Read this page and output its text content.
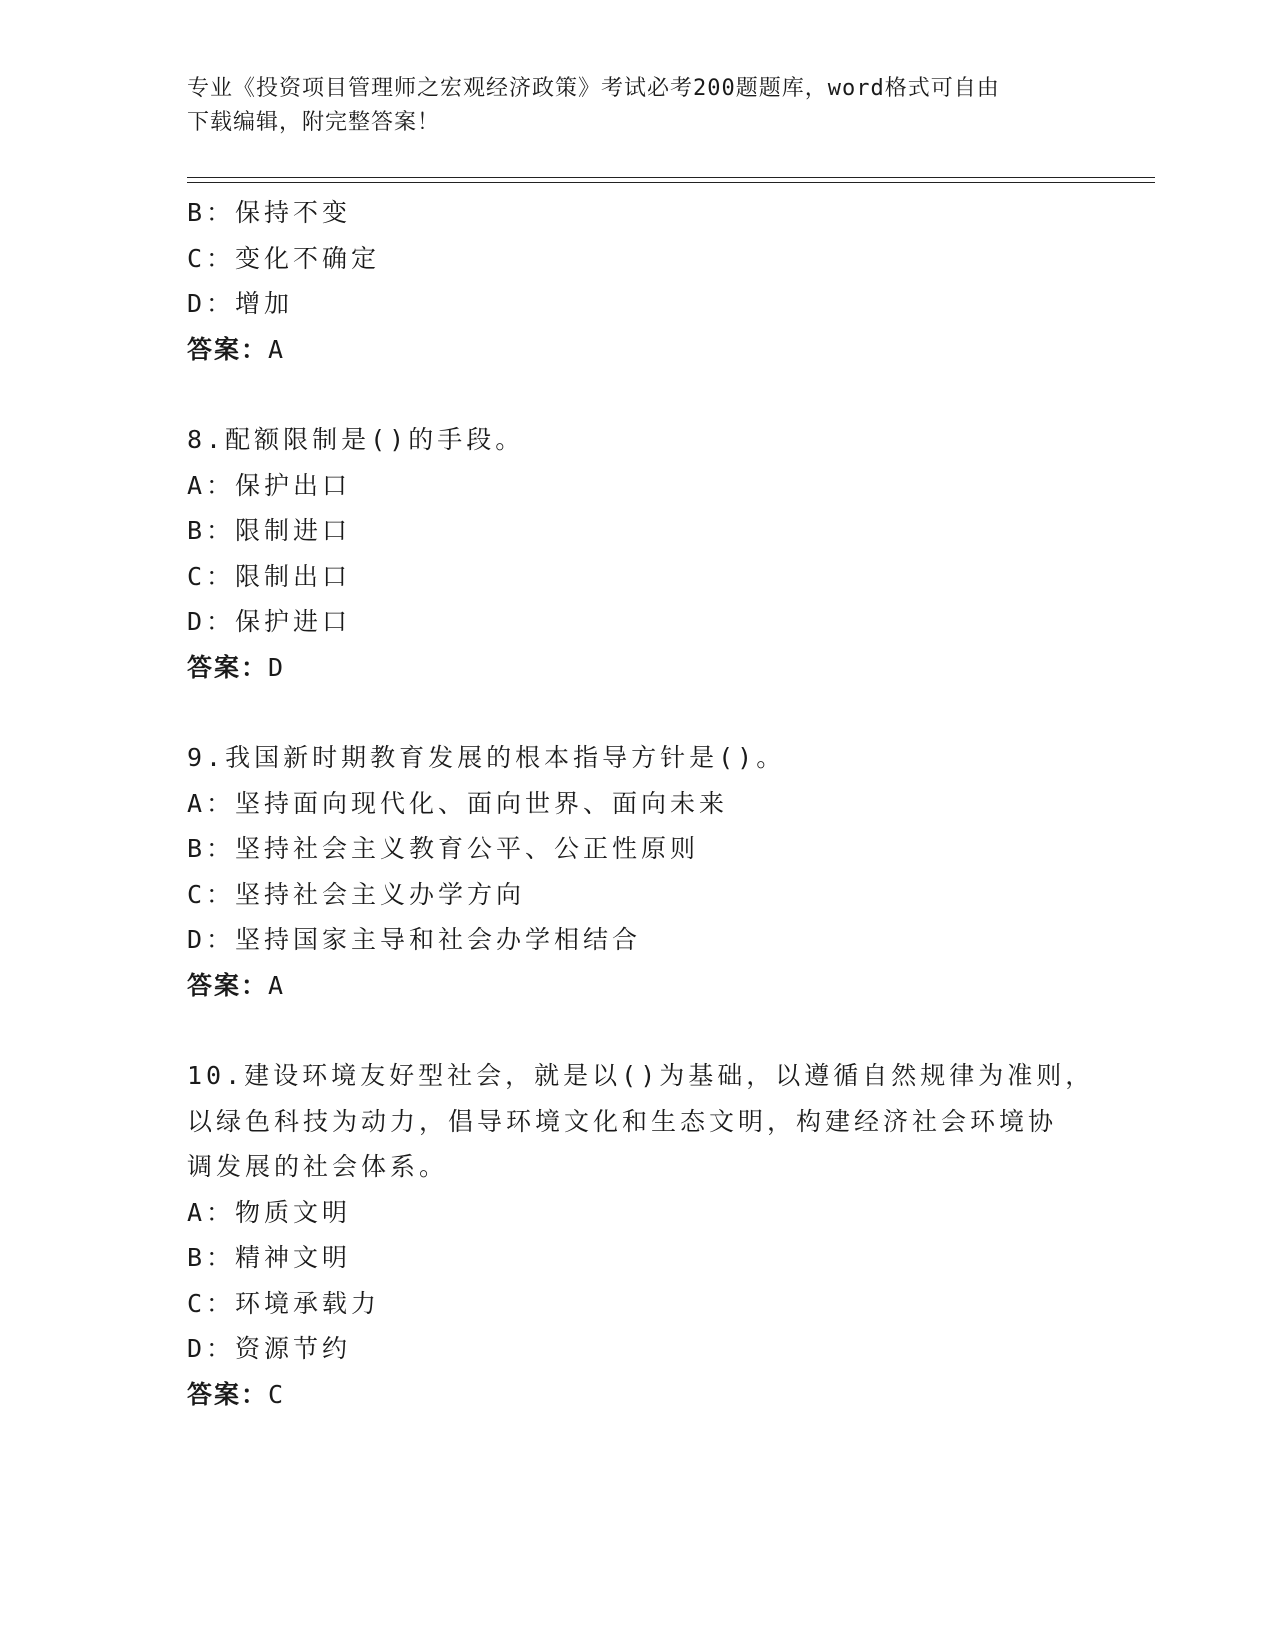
专业《投资项目管理师之宏观经济政策》考试必考200题题库，word格式可自由
下载编辑，附完整答案！
B：保持不变
C：变化不确定
D：增加
答案：A
8.配额限制是()的手段。
A：保护出口
B：限制进口
C：限制出口
D：保护进口
答案：D
9.我国新时期教育发展的根本指导方针是()。
A：坚持面向现代化、面向世界、面向未来
B：坚持社会主义教育公平、公正性原则
C：坚持社会主义办学方向
D：坚持国家主导和社会办学相结合
答案：A
10.建设环境友好型社会，就是以()为基础，以遵循自然规律为准则，
以绿色科技为动力，倡导环境文化和生态文明，构建经济社会环境协
调发展的社会体系。
A：物质文明
B：精神文明
C：环境承载力
D：资源节约
答案：C
